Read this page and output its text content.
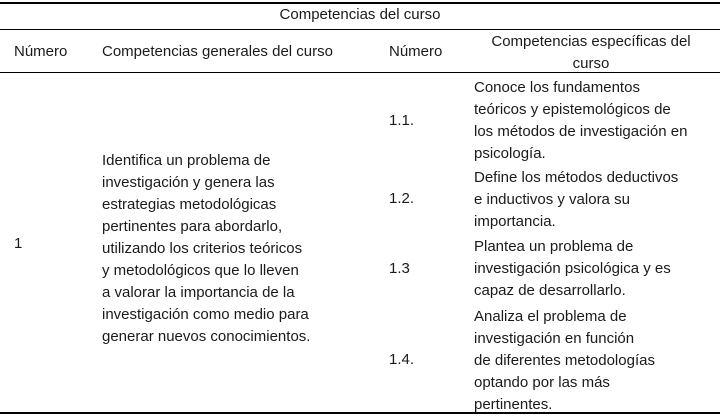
Competencias del curso
Número Competencias generales del curso	Número
Competencias específicas del
curso
1
Identifica un problema de
investigación y genera las
estrategias metodológicas
pertinentes para abordarlo,
utilizando los criterios teóricos
y metodológicos que lo lleven
a valorar la importancia de la
investigación como medio para
generar nuevos conocimientos.
1.1.
Conoce los fundamentos
teóricos y epistemológicos de
los métodos de investigación en
psicología.
1.2.
Define los métodos deductivos
e inductivos y valora su
importancia.
1.3
Plantea un problema de
investigación psicológica y es
capaz de desarrollarlo.
1.4.
Analiza el problema de
investigación en función
de diferentes metodologías
optando por las más
pertinentes.
